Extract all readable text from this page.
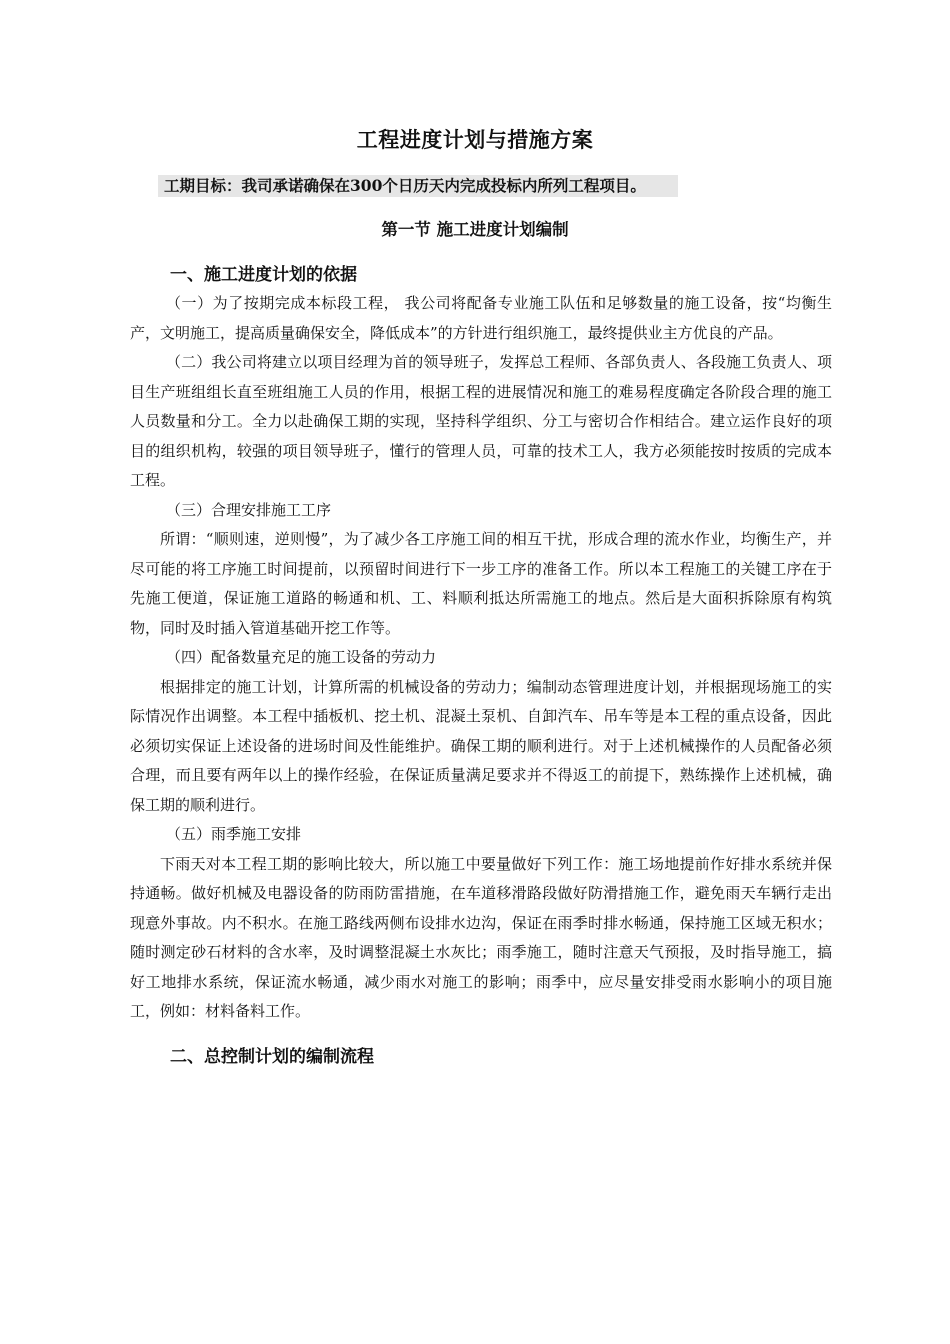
工程进度计划与措施方案
工期目标：我司承诺确保在300个日历天内完成投标内所列工程项目。
第一节 施工进度计划编制
一、施工进度计划的依据

（一）为了按期完成本标段工程， 我公司将配备专业施工队伍和足够数量的施工设备，按“均衡生产，文明施工，提高质量确保安全，降低成本”的方针进行组织施工，最终提供业主方优良的产品。

（二）我公司将建立以项目经理为首的领导班子，发挥总工程师、各部负责人、各段施工负责人、项目生产班组组长直至班组施工人员的作用，根据工程的进展情况和施工的难易程度确定各阶段合理的施工人员数量和分工。全力以赴确保工期的实现，坚持科学组织、分工与密切合作相结合。建立运作良好的项目的组织机构，较强的项目领导班子，懂行的管理人员，可靠的技术工人，我方必须能按时按质的完成本工程。

（三）合理安排施工工序

所谓：“顺则速，逆则慢”，为了减少各工序施工间的相互干扰，形成合理的流水作业，均衡生产，并尽可能的将工序施工时间提前，以预留时间进行下一步工序的准备工作。所以本工程施工的关键工序在于先施工便道，保证施工道路的畅通和机、工、料顺利抵达所需施工的地点。然后是大面积拆除原有构筑物，同时及时插入管道基础开挖工作等。

（四）配备数量充足的施工设备的劳动力

根据排定的施工计划，计算所需的机械设备的劳动力；编制动态管理进度计划，并根据现场施工的实际情况作出调整。本工程中插板机、挖土机、混凝土泵机、自卸汽车、吊车等是本工程的重点设备，因此必须切实保证上述设备的进场时间及性能维护。确保工期的顺利进行。对于上述机械操作的人员配备必须合理，而且要有两年以上的操作经验，在保证质量满足要求并不得返工的前提下，熟练操作上述机械，确保工期的顺利进行。

（五）雨季施工安排

下雨天对本工程工期的影响比较大，所以施工中要量做好下列工作：施工场地提前作好排水系统并保持通畅。做好机械及电器设备的防雨防雷措施，在车道移滑路段做好防滑措施工作，避免雨天车辆行走出现意外事故。内不积水。在施工路线两侧布设排水边沟，保证在雨季时排水畅通，保持施工区域无积水；随时测定砂石材料的含水率，及时调整混凝土水灰比；雨季施工，随时注意天气预报，及时指导施工，搞好工地排水系统，保证流水畅通，减少雨水对施工的影响；雨季中，应尽量安排受雨水影响小的项目施工，例如：材料备料工作。

二、总控制计划的编制流程
